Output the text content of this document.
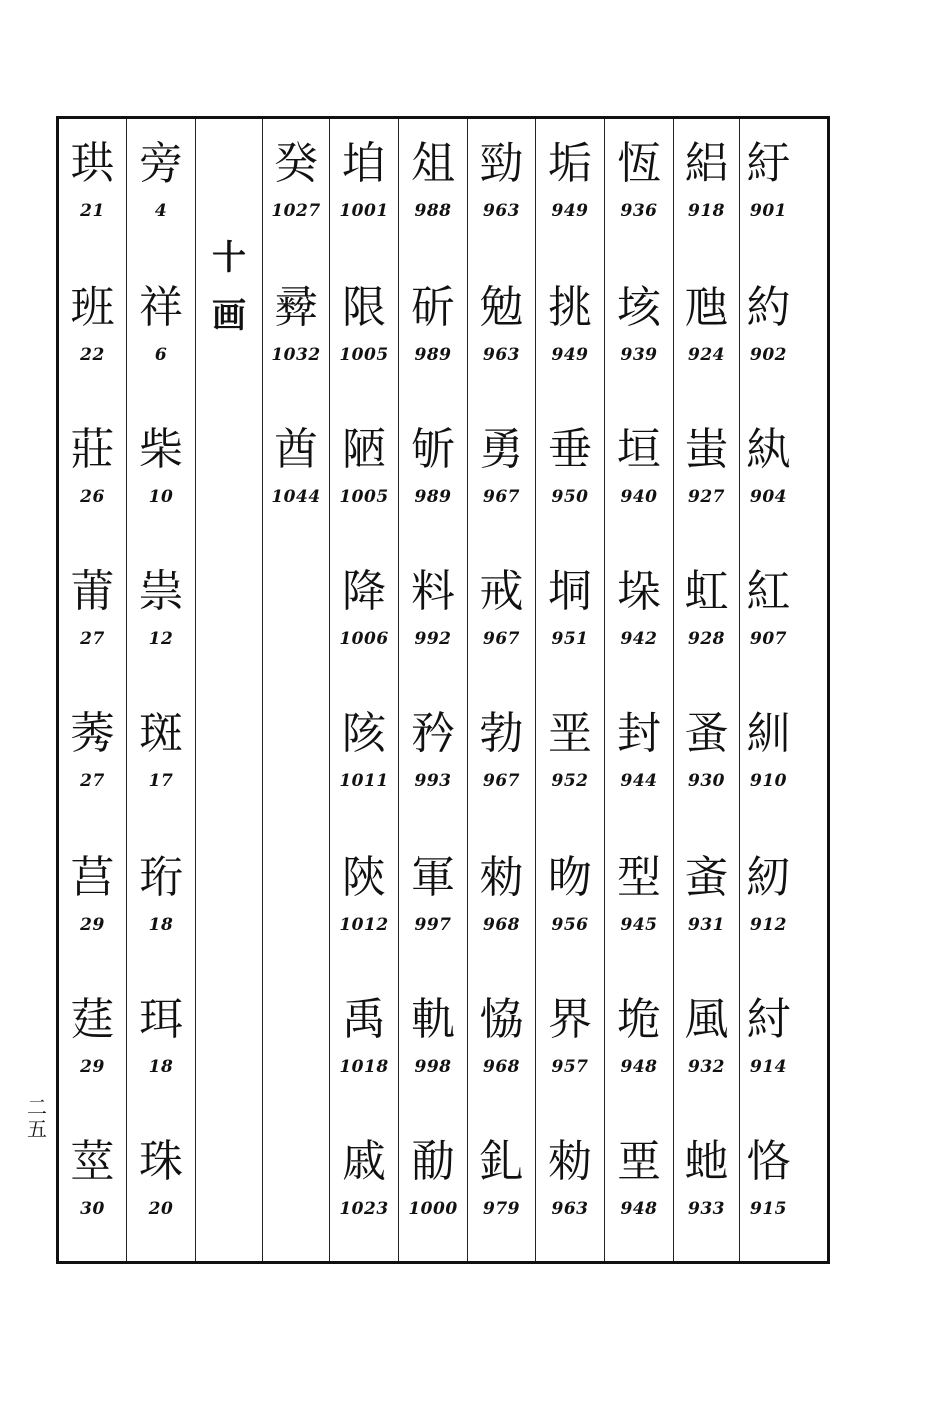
珙
21
班
22
莊
26
莆
27
莠
27
莒
29
莛
29
莖
30
旁
4
祥
6
柴
10
祟
12
斑
17
珩
18
珥
18
珠
20
十
画
癸
1027
彛
1032
酋
1044
垍
1001
限
1005
陋
1005
降
1006
陔
1011
陝
1012
禹
1018
戚
1023
俎
988
斫
989
斪
989
料
992
矜
993
軍
997
軌
998
勈
1000
勁
963
勉
963
勇
967
戒
967
勃
967
勑
968
恊
968
釓
979
垢
949
挑
949
垂
950
垌
951
垩
952
昒
956
界
957
勑
963
恆
936
垓
939
垣
940
垛
942
封
944
型
945
垝
948
垔
948
絽
918
虺
924
蚩
927
虹
928
蚤
930
蚉
931
風
932
虵
933
紆
901
約
902
紈
904
紅
907
紃
910
紉
912
紂
914
恪
915
二
五
